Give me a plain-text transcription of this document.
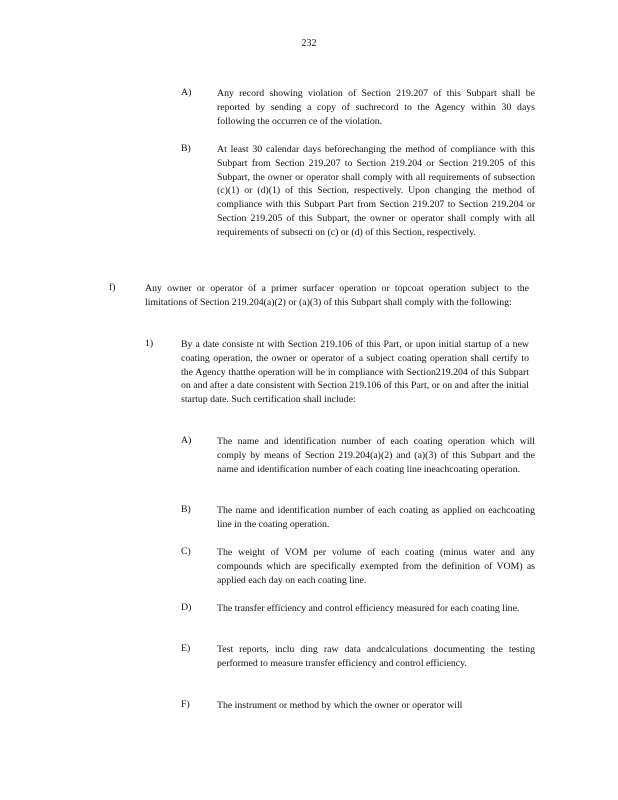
232
A)	Any record showing violation of Section 219.207 of this Subpart shall be reported by sending a copy of suchrecord to the Agency within 30 days following the occurren ce of the violation.
B)	At least 30 calendar days beforechanging the method of compliance with this Subpart from Section 219.207 to Section 219.204 or Section 219.205 of this Subpart, the owner or operator shall comply with all requirements of subsection (c)(1) or (d)(1) of this Section, respectively. Upon changing the method of compliance with this Subpart Part from Section 219.207 to Section 219.204 or Section 219.205 of this Subpart, the owner or operator shall comply with all requirements of subsecti on (c) or (d) of this Section, respectively.
f)	Any owner or operator of a primer surfacer operation or topcoat operation subject to the limitations of Section 219.204(a)(2) or (a)(3) of this Subpart shall comply with the following:
1)	By a date consiste nt with Section 219.106 of this Part, or upon initial startup of a new coating operation, the owner or operator of a subject coating operation shall certify to the Agency thatthe operation will be in compliance with Section219.204 of this Subpart on and after a date consistent with Section 219.106 of this Part, or on and after the initial startup date. Such certification shall include:
A)	The name and identification number of each coating operation which will comply by means of Section 219.204(a)(2) and (a)(3) of this Subpart and the name and identification number of each coating line ineachcoating operation.
B)	The name and identification number of each coating as applied on eachcoating line in the coating operation.
C)	The weight of VOM per volume of each coating (minus water and any compounds which are specifically exempted from the definition of VOM) as applied each day on each coating line.
D)	The transfer efficiency and control efficiency measured for each coating line.
E)	Test reports, inclu ding raw data andcalculations documenting the testing performed to measure transfer efficiency and control efficiency.
F)	The instrument or method by which the owner or operator will
